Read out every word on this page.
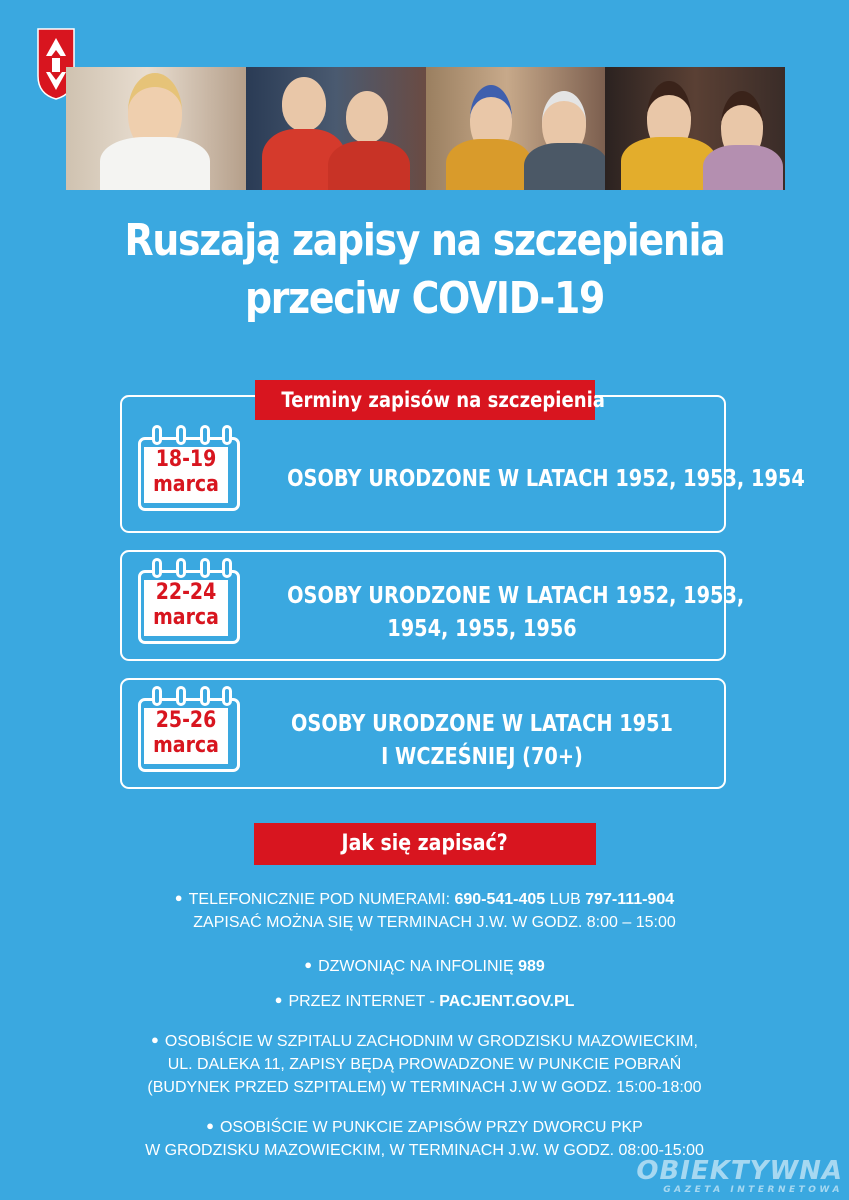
Ruszają zapisy na szczepienia
przeciw COVID-19
18-19
marca	OSOBY URODZONE W LATACH 1952, 1953, 1954
22-24
marca
OSOBY URODZONE W LATACH 1952, 1953,
1954, 1955, 1956
25-26
marca
OSOBY URODZONE W LATACH 1951
I WCZEŚNIEJ (70+)
Terminy zapisów na szczepienia
Jak się zapisać?
● TELEFONICZNIE POD NUMERAMI: 690-541-405 LUB 797-111-904
ZAPISAĆ MOŻNA SIĘ W TERMINACH J.W. W GODZ. 8:00 – 15:00
● DZWONIĄC NA INFOLINIĘ 989
● PRZEZ INTERNET - PACJENT.GOV.PL
● OSOBIŚCIE W SZPITALU ZACHODNIM W GRODZISKU MAZOWIECKIM,
UL. DALEKA 11, ZAPISY BĘDĄ PROWADZONE W PUNKCIE POBRAŃ
(BUDYNEK PRZED SZPITALEM) W TERMINACH J.W W GODZ. 15:00-18:00
● OSOBIŚCIE W PUNKCIE ZAPISÓW PRZY DWORCU PKP
W GRODZISKU MAZOWIECKIM, W TERMINACH J.W. W GODZ. 08:00-15:00
OBIEKTYWNA
GAZETA INTERNETOWA
